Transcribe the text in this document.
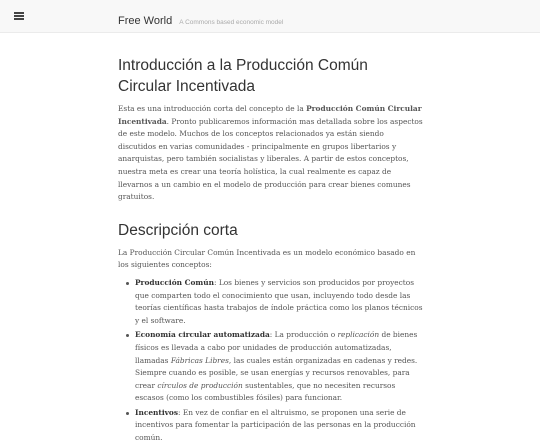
Free World A Commons based economic model
Introducción a la Producción Común Circular Incentivada

Esta es una introducción corta del concepto de la Producción Común Circular Incentivada. Pronto publicaremos información mas detallada sobre los aspectos de este modelo. Muchos de los conceptos relacionados ya están siendo discutidos en varias comunidades - principalmente en grupos libertarios y anarquistas, pero también socialistas y liberales. A partir de estos conceptos, nuestra meta es crear una teoría holística, la cual realmente es capaz de llevarnos a un cambio en el modelo de producción para crear bienes comunes gratuitos.

Descripción corta

La Producción Circular Común Incentivada es un modelo económico basado en los siguientes conceptos:

Producción Común: Los bienes y servicios son producidos por proyectos que comparten todo el conocimiento que usan, incluyendo todo desde las teorías científicas hasta trabajos de índole práctica como los planos técnicos y el software.
Economía circular automatizada: La producción o replicación de bienes físicos es llevada a cabo por unidades de producción automatizadas, llamadas Fábricas Libres, las cuales están organizadas en cadenas y redes. Siempre cuando es posible, se usan energías y recursos renovables, para crear círculos de producción sustentables, que no necesiten recursos escasos (como los combustibles fósiles) para funcionar.
Incentivos: En vez de confiar en el altruismo, se proponen una serie de incentivos para fomentar la participación de las personas en la producción común.
